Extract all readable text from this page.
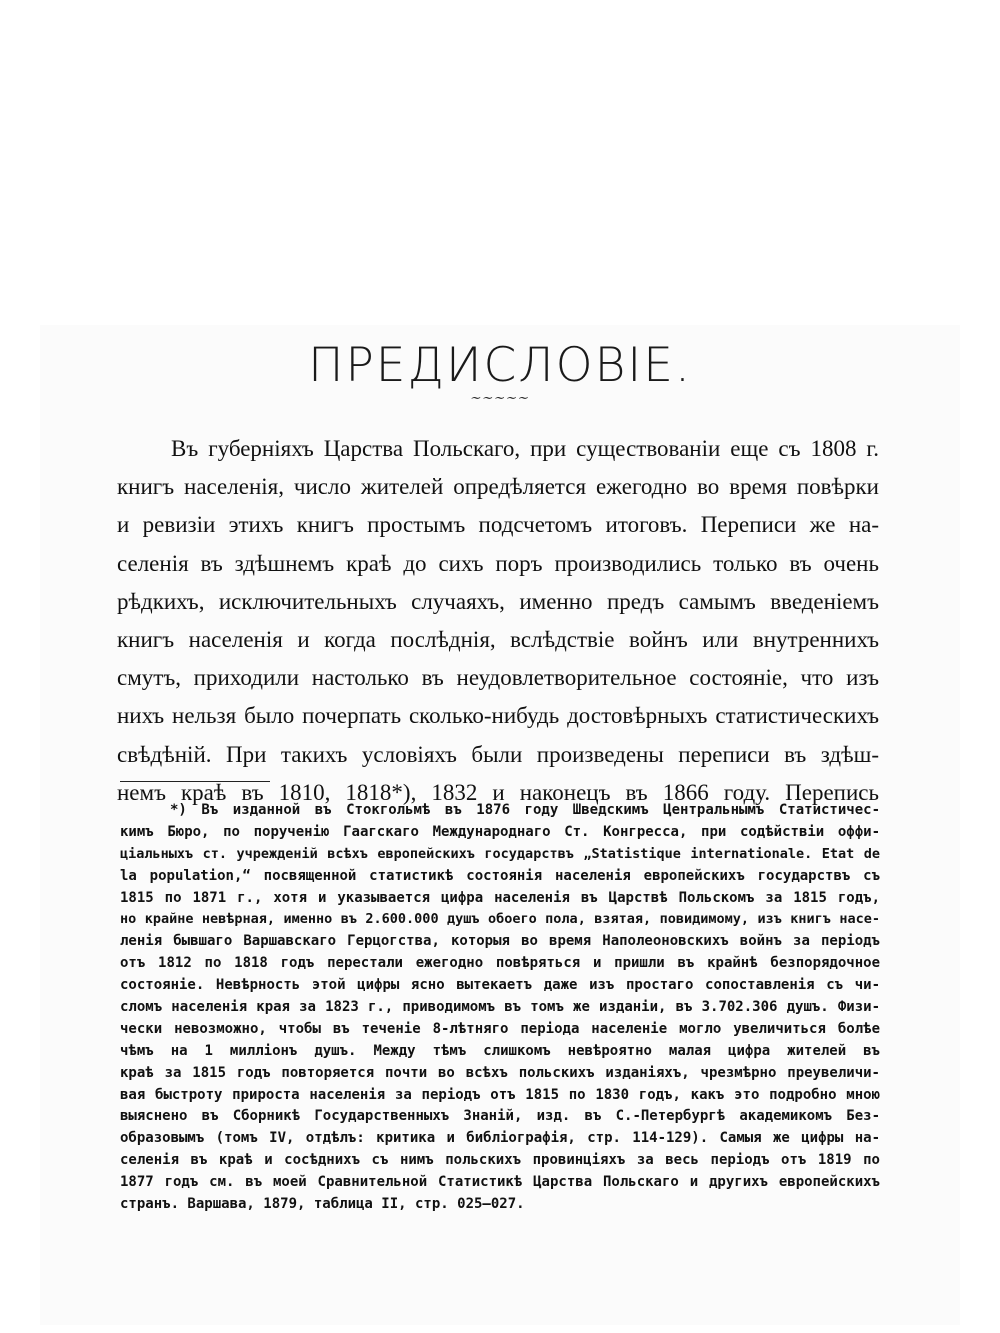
ПРЕДИСЛОВІЕ.
~~~~~
Въ губерніяхъ Царства Польскаго, при существованіи еще съ 1808 г.
книгъ населенія, число жителей опредѣляется ежегодно во время повѣрки
и ревизіи этихъ книгъ простымъ подсчетомъ итоговъ. Переписи же на-
селенія въ здѣшнемъ краѣ до сихъ поръ производились только въ очень
рѣдкихъ, исключительныхъ случаяхъ, именно предъ самымъ введеніемъ
книгъ населенія и когда послѣднія, вслѣдствіе войнъ или внутреннихъ
смутъ, приходили настолько въ неудовлетворительное состояніе, что изъ
нихъ нельзя было почерпать сколько-нибудь достовѣрныхъ статистическихъ
свѣдѣній. При такихъ условіяхъ были произведены переписи въ здѣш-
немъ краѣ въ 1810, 1818*), 1832 и наконецъ въ 1866 году. Перепись
*) Въ изданной въ Стокгольмѣ въ 1876 году Шведскимъ Центральнымъ Статистичес-
кимъ Бюро, по порученію Гаагскаго Международнаго Ст. Конгресса, при содѣйствіи оффи-
ціальныхъ ст. учрежденій всѣхъ европейскихъ государствъ „Statistique internationale. Etat de
la population,“ посвященной статистикѣ состоянія населенія европейскихъ государствъ съ
1815 по 1871 г., хотя и указывается цифра населенія въ Царствѣ Польскомъ за 1815 годъ,
но крайне невѣрная, именно въ 2.600.000 душъ обоего пола, взятая, повидимому, изъ книгъ насе-
ленія бывшаго Варшавскаго Герцогства, которыя во время Наполеоновскихъ войнъ за періодъ
отъ 1812 по 1818 годъ перестали ежегодно повѣряться и пришли въ крайнѣ безпорядочное
состояніе. Невѣрность этой цифры ясно вытекаетъ даже изъ простаго сопоставленія съ чи-
сломъ населенія края за 1823 г., приводимомъ въ томъ же изданіи, въ 3.702.306 душъ. Физи-
чески невозможно, чтобы въ теченіе 8-лѣтняго періода населеніе могло увеличиться болѣе
чѣмъ на 1 милліонъ душъ. Между тѣмъ слишкомъ невѣроятно малая цифра жителей въ
краѣ за 1815 годъ повторяется почти во всѣхъ польскихъ изданіяхъ, чрезмѣрно преувеличи-
вая быстроту прироста населенія за періодъ отъ 1815 по 1830 годъ, какъ это подробно мною
выяснено въ Сборникѣ Государственныхъ Знаній, изд. въ С.-Петербургѣ академикомъ Без-
образовымъ (томъ IV, отдѣлъ: критика и библіографія, стр. 114-129). Самыя же цифры на-
селенія въ краѣ и сосѣднихъ съ нимъ польскихъ провинціяхъ за весь періодъ отъ 1819 по
1877 годъ см. въ моей Сравнительной Статистикѣ Царства Польскаго и другихъ европейскихъ
странъ. Варшава, 1879, таблица II, стр. 025—027.
